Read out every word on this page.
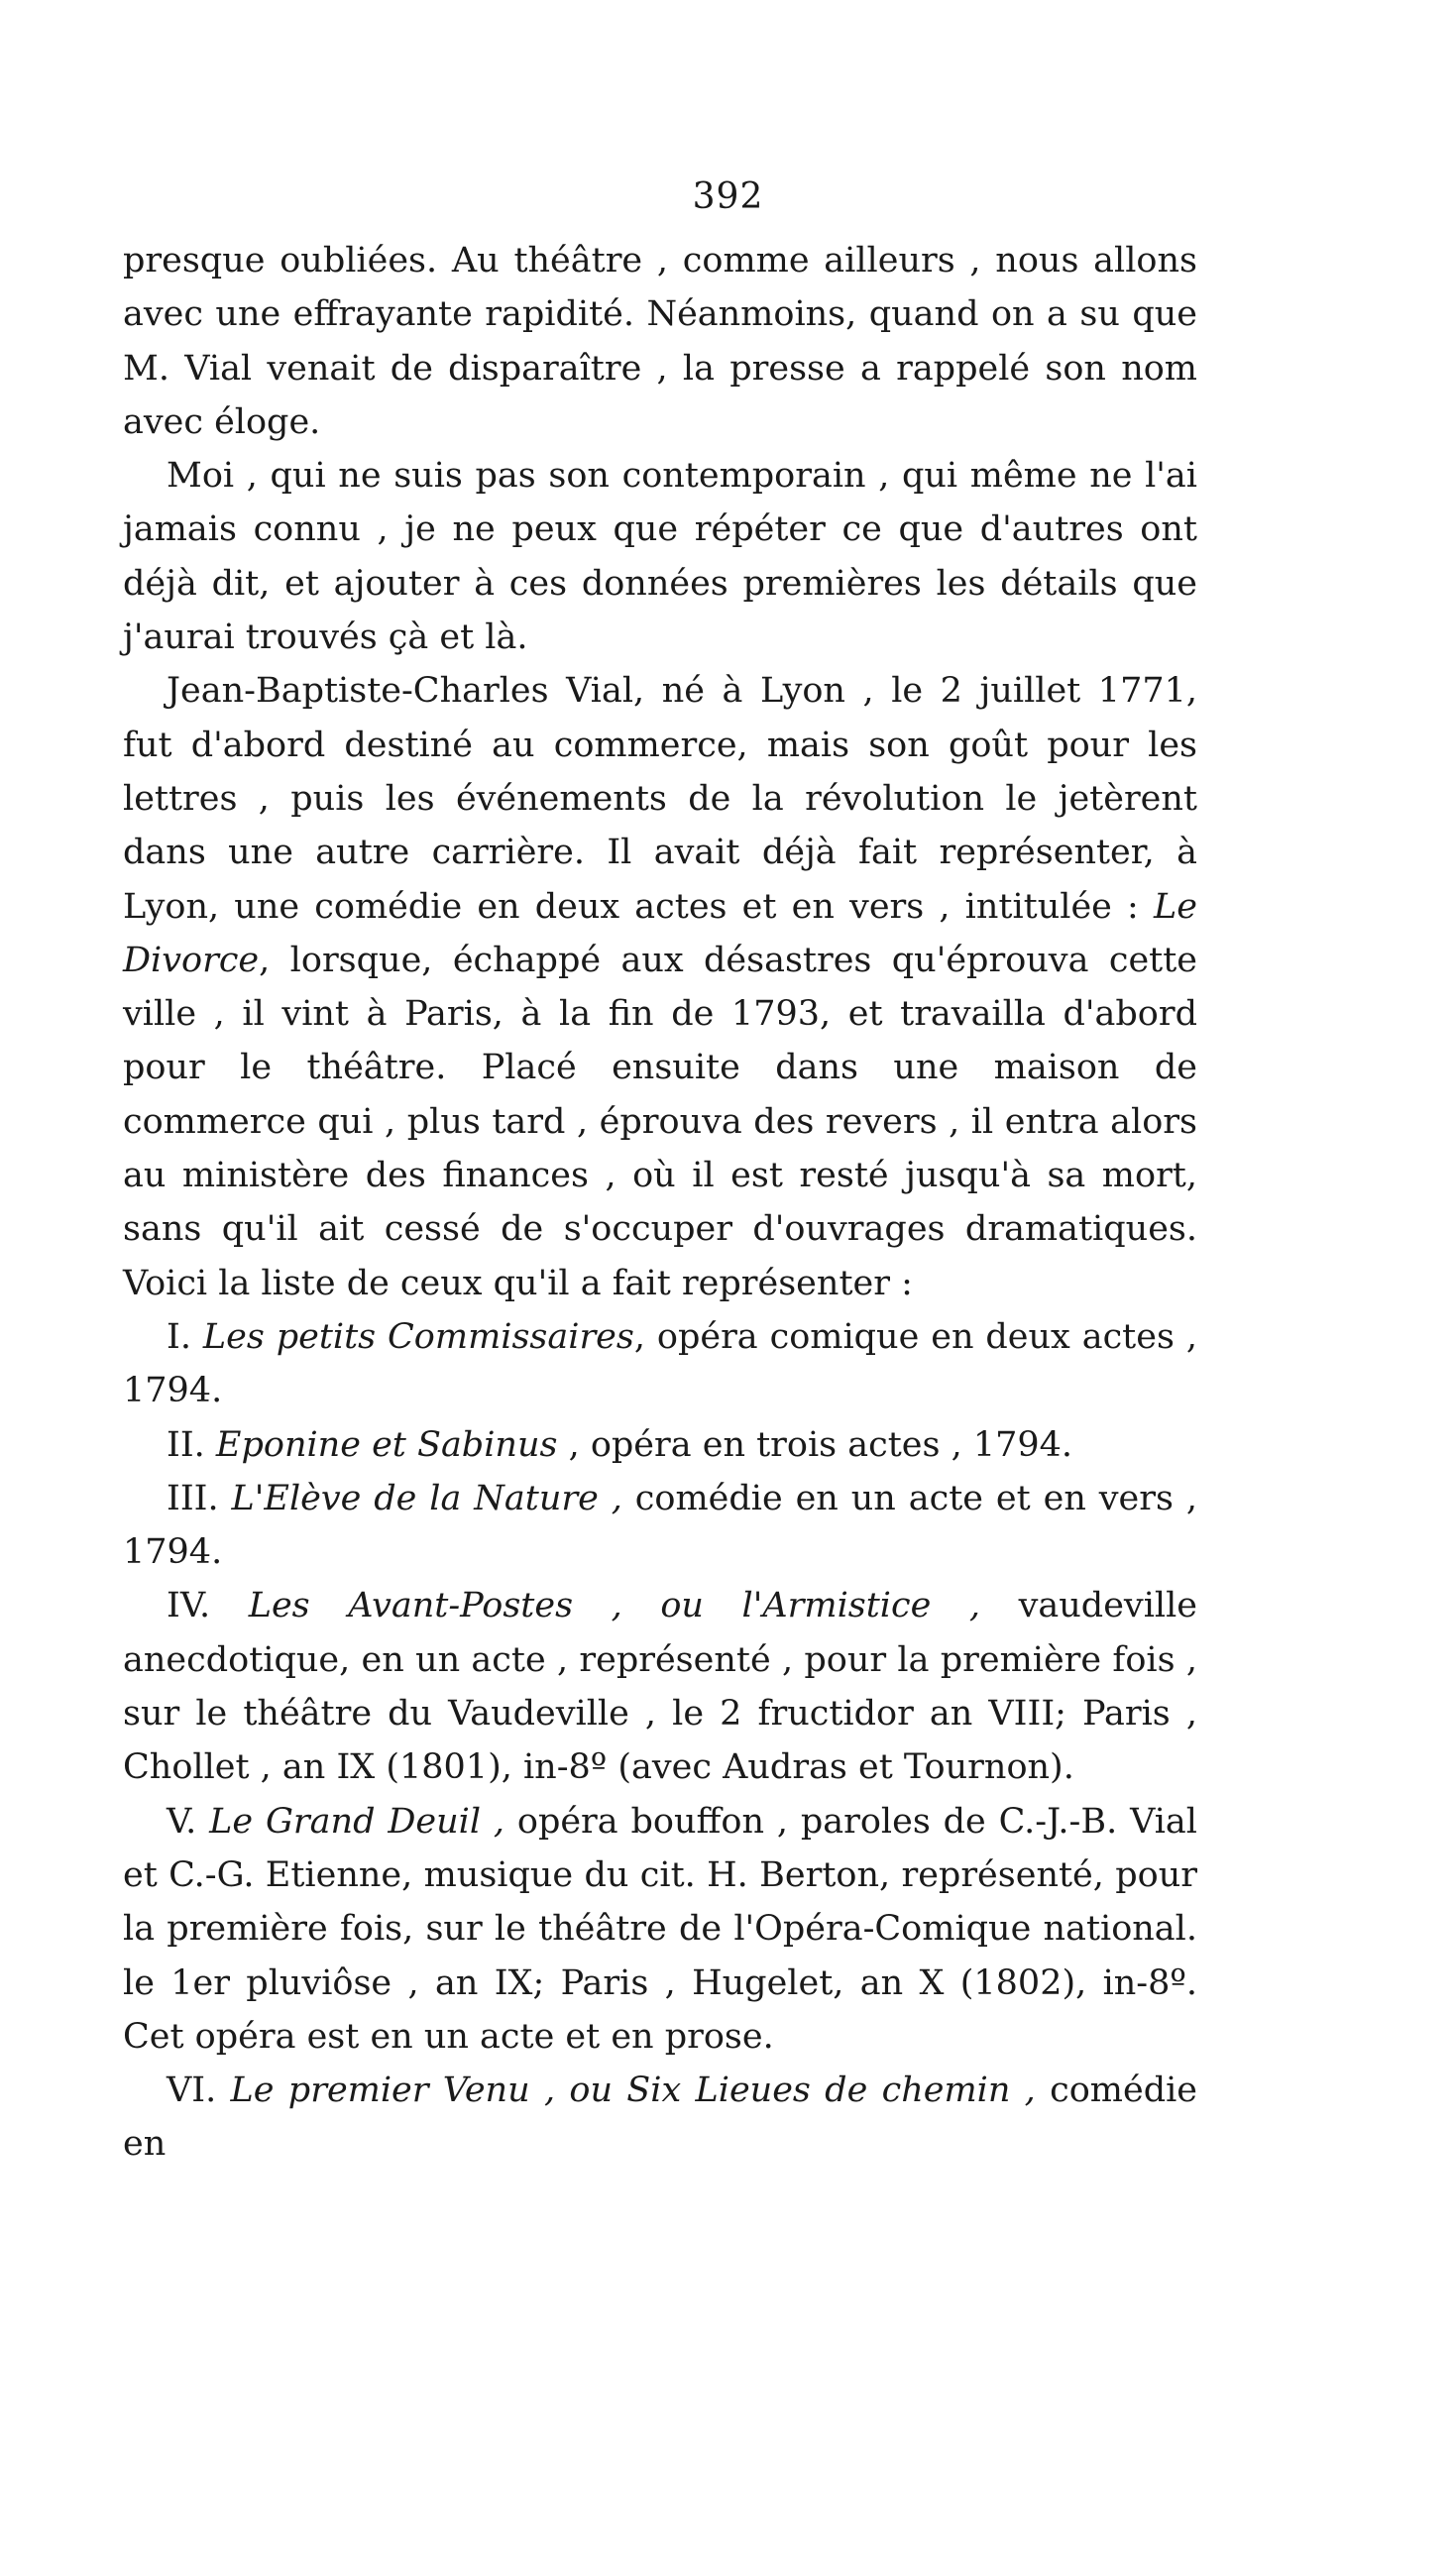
392

presque oubliées. Au théâtre , comme ailleurs , nous allons avec une effrayante rapidité. Néanmoins, quand on a su que M. Vial venait de disparaître , la presse a rappelé son nom avec éloge.

Moi , qui ne suis pas son contemporain , qui même ne l'ai jamais connu , je ne peux que répéter ce que d'autres ont déjà dit, et ajouter à ces données premières les détails que j'aurai trouvés çà et là.

Jean-Baptiste-Charles Vial, né à Lyon , le 2 juillet 1771, fut d'abord destiné au commerce, mais son goût pour les lettres , puis les événements de la révolution le jetèrent dans une autre carrière. Il avait déjà fait représenter, à Lyon, une comédie en deux actes et en vers , intitulée : Le Divorce, lorsque, échappé aux désastres qu'éprouva cette ville , il vint à Paris, à la fin de 1793, et travailla d'abord pour le théâtre. Placé ensuite dans une maison de commerce qui , plus tard , éprouva des revers , il entra alors au ministère des finances , où il est resté jusqu'à sa mort, sans qu'il ait cessé de s'occuper d'ouvrages dramatiques. Voici la liste de ceux qu'il a fait représenter :

I. Les petits Commissaires, opéra comique en deux actes , 1794.

II. Eponine et Sabinus , opéra en trois actes , 1794.

III. L'Elève de la Nature , comédie en un acte et en vers , 1794.

IV. Les Avant-Postes , ou l'Armistice , vaudeville anecdotique, en un acte , représenté , pour la première fois , sur le théâtre du Vaudeville , le 2 fructidor an VIII; Paris , Chollet , an IX (1801), in-8º (avec Audras et Tournon).

V. Le Grand Deuil , opéra bouffon , paroles de C.-J.-B. Vial et C.-G. Etienne, musique du cit. H. Berton, représenté, pour la première fois, sur le théâtre de l'Opéra-Comique national. le 1er pluviôse , an IX; Paris , Hugelet, an X (1802), in-8º. Cet opéra est en un acte et en prose.

VI. Le premier Venu , ou Six Lieues de chemin , comédie en
